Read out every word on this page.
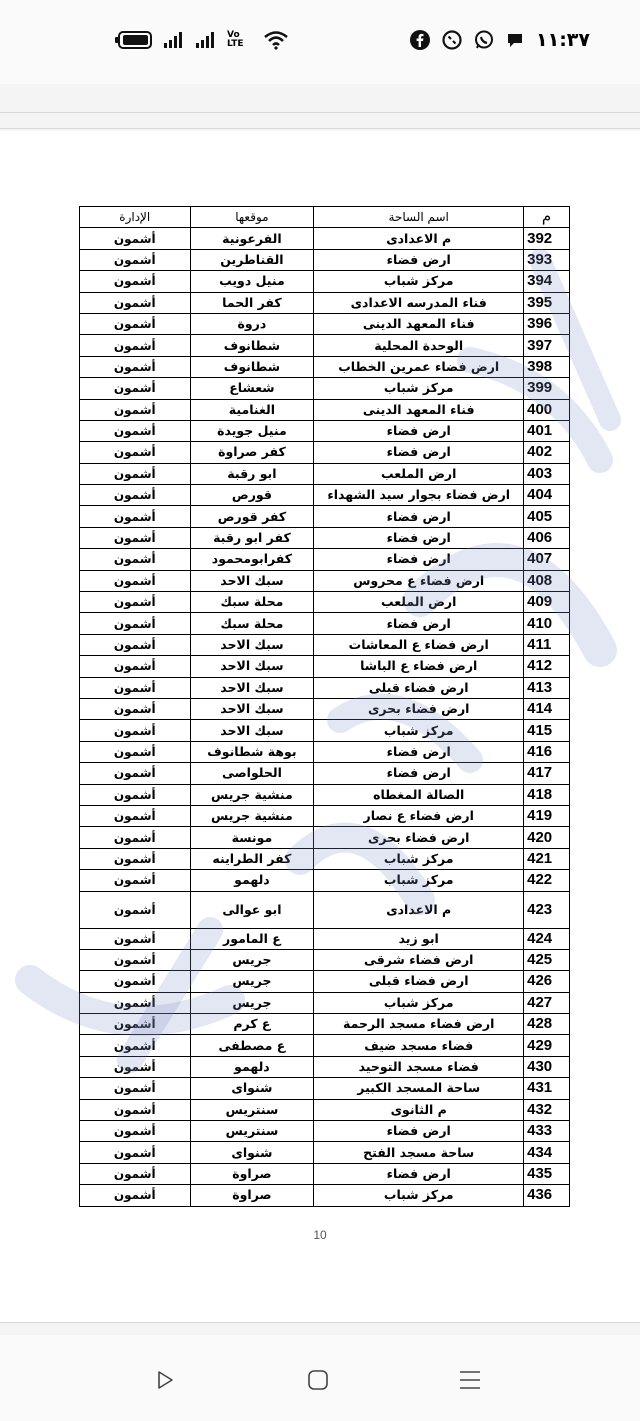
Vo LTE	١١:٣٧
م	اسم الساحة	موقعها	الإدارة
392	م الاعدادى	الفرعونية	أشمون
393	ارض فضاء	القناطرين	أشمون
394	مركز شباب	منيل دويب	أشمون
395	فناء المدرسه الاعدادى	كفر الحما	أشمون
396	فناء المعهد الدينى	دروة	أشمون
397	الوحدة المحلية	شطانوف	أشمون
398	ارض فضاء عمرين الخطاب	شطانوف	أشمون
399	مركز شباب	شعشاع	أشمون
400	فناء المعهد الدينى	الغنامية	أشمون
401	ارض فضاء	منيل جويدة	أشمون
402	ارض فضاء	كفر صراوة	أشمون
403	ارض الملعب	ابو رقبة	أشمون
404	ارض فضاء بجوار سيد الشهداء	قورص	أشمون
405	ارض فضاء	كفر قورص	أشمون
406	ارض فضاء	كفر ابو رقبة	أشمون
407	ارض فضاء	كفرابومحمود	أشمون
408	ارض فضاء ع محروس	سبك الاحد	أشمون
409	ارض الملعب	محلة سبك	أشمون
410	ارض فضاء	محلة سبك	أشمون
411	ارض فضاء ع المعاشات	سبك الاحد	أشمون
412	ارض فضاء ع الباشا	سبك الاحد	أشمون
413	ارض فضاء قبلى	سبك الاحد	أشمون
414	ارض فضاء بحرى	سبك الاحد	أشمون
415	مركز شباب	سبك الاحد	أشمون
416	ارض فضاء	بوهة شطانوف	أشمون
417	ارض فضاء	الحلواصى	أشمون
418	الصالة المغطاه	منشية جريس	أشمون
419	ارض فضاء ع نصار	منشية جريس	أشمون
420	ارض فضاء بحرى	مونسة	أشمون
421	مركز شباب	كفر الطراينه	أشمون
422	مركز شباب	دلهمو	أشمون
423	م الاعدادى	ابو عوالى	أشمون
424	ابو زيد	ع المامور	أشمون
425	ارض فضاء شرقى	جريس	أشمون
426	ارض فضاء قبلى	جريس	أشمون
427	مركز شباب	جريس	أشمون
428	ارض فضاء مسجد الرحمة	ع كرم	أشمون
429	فضاء مسجد ضيف	ع مصطفى	أشمون
430	فضاء مسجد التوحيد	دلهمو	أشمون
431	ساحة المسجد الكبير	شنواى	أشمون
432	م الثانوى	سنتريس	أشمون
433	ارض فضاء	سنتريس	أشمون
434	ساحة مسجد الفتح	شنواى	أشمون
435	ارض فضاء	صراوة	أشمون
436	مركز شباب	صراوة	أشمون
10
